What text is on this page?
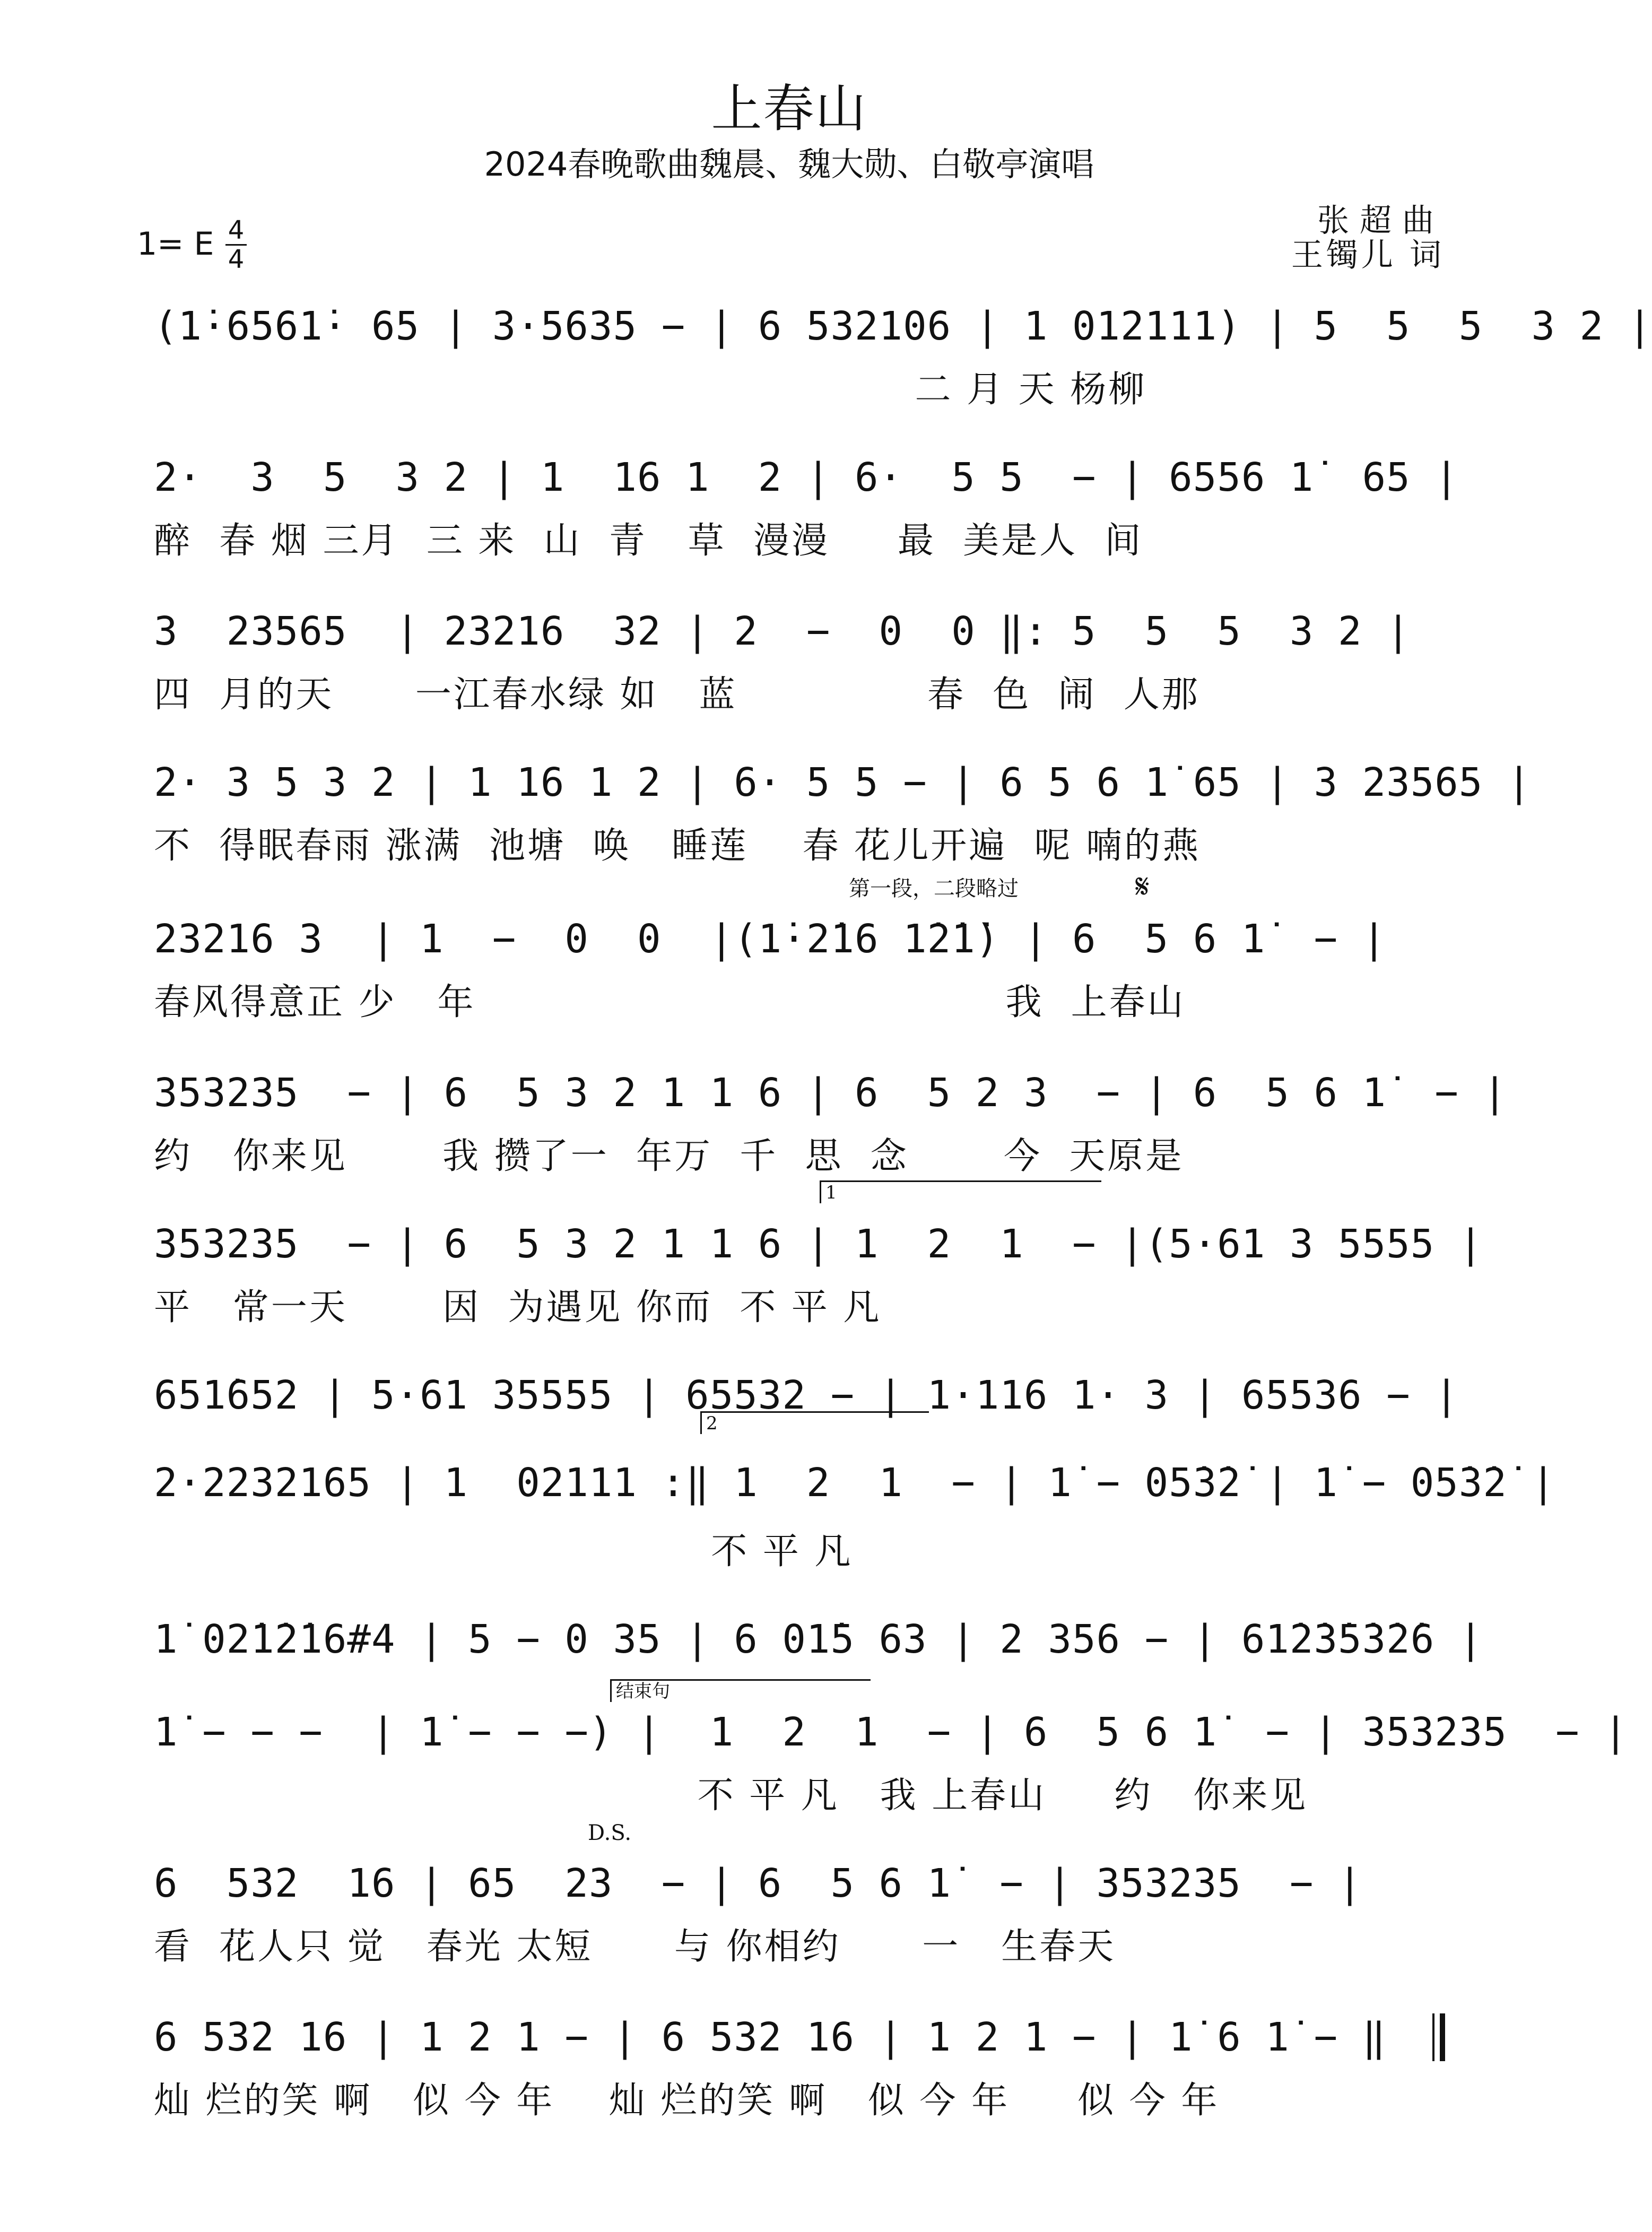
上春山
2024春晚歌曲魏晨、魏大勋、白敬亭演唱
1= E 4
4
张超曲
王镯儿 词
第一段，二段略过	𝄋
1
2
结束句
D.S.
(1̇·6561̇· 65 | 3·5635 − | 6 532106 | 1 012111) | 5  5  5  3 2 |
二 月 天 杨柳
2·  3  5  3 2 | 1  16 1  2 | 6·  5 5  − | 6556 1̇  65 |
醉  春 烟 三月  三 来  山  青   草  漫漫     最  美是人  间
3  23565  | 23216  32 | 2  −  0  0 ‖: 5  5  5  3 2 |
四  月的天      一江春水绿 如   蓝              春  色  闹  人那
2· 3 5 3 2 | 1 16 1 2 | 6· 5 5 − | 6 5 6 1̇ 65 | 3 23565 |
不  得眠春雨 涨满  池塘  唤   睡莲    春 花儿开遍  呢 喃的燕
23216 3  | 1  −  0  0  |(1̇·2̇16 1̇2̇1̇) | 6  5 6 1̇  − |
春风得意正 少   年                                       我  上春山
353235  − | 6  5 3 2 1 1 6 | 6  5 2 3  − | 6  5 6 1̇  − |
约   你来见       我 攒了一  年万  千  思  念       今  天原是
353235  − | 6  5 3 2 1 1 6 | 1  2  1  − |(5·61 3 5555 |
平   常一天       因  为遇见 你而  不 平 凡
651̇652 | 5·61 35555 | 65532 − | 1·116 1· 3 | 65536 − |
2·2232165 | 1  02111 :‖ 1  2  1  − | 1̇ − 05̇3̇2̇ | 1̇ − 05̇3̇2̇ |
不 平 凡
1̇ 02̇1̇2̇16#4 | 5 − 0 35 | 6 01̇5 63 | 2 356 − | 61̇2̇3̇5̇3̇2̇6 |
1̇ − − −  | 1̇ − − −) |  1  2  1  − | 6  5 6 1̇  − | 353235  − |
不 平 凡   我 上春山     约   你来见
6  532  16 | 65  23  − | 6  5 6 1̇  − | 353235  − |
看  花人只 觉   春光 太短      与 你相约      一   生春天
6 532 16 | 1 2 1 − | 6 532 16 | 1 2 1 − | 1̇ 6 1̇ − ‖
灿 烂的笑 啊   似 今 年    灿 烂的笑 啊   似 今 年     似 今 年
